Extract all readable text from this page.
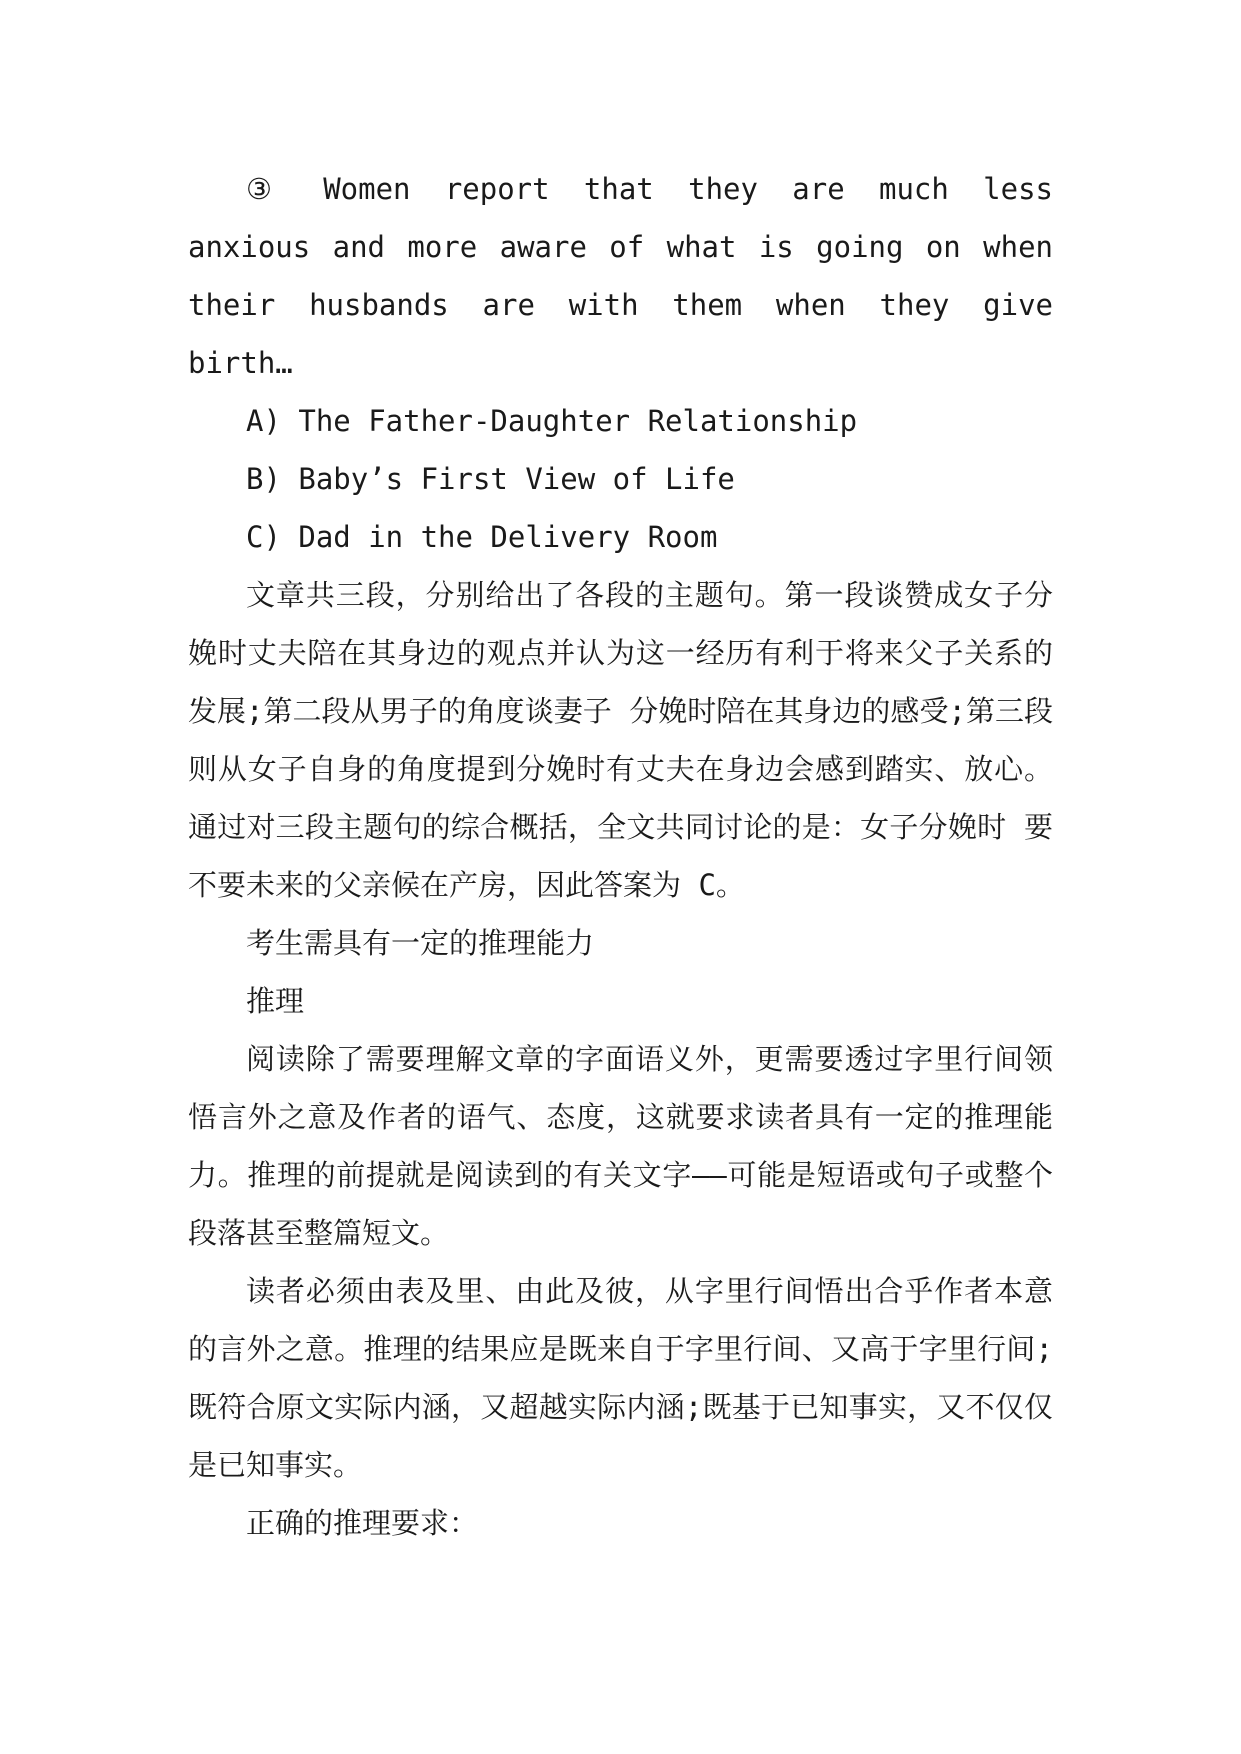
③ Women report that they are much less anxious and more aware of what is going on when their husbands are with them when they give birth…

A) The Father-Daughter Relationship

B) Baby’s First View of Life

C) Dad in the Delivery Room

文章共三段，分别给出了各段的主题句。第一段谈赞成女子分娩时丈夫陪在其身边的观点并认为这一经历有利于将来父子关系的发展;第二段从男子的角度谈妻子 分娩时陪在其身边的感受;第三段则从女子自身的角度提到分娩时有丈夫在身边会感到踏实、放心。通过对三段主题句的综合概括，全文共同讨论的是：女子分娩时 要不要未来的父亲候在产房，因此答案为 C。

考生需具有一定的推理能力

推理

阅读除了需要理解文章的字面语义外，更需要透过字里行间领悟言外之意及作者的语气、态度，这就要求读者具有一定的推理能力。推理的前提就是阅读到的有关文字——可能是短语或句子或整个段落甚至整篇短文。

读者必须由表及里、由此及彼，从字里行间悟出合乎作者本意的言外之意。推理的结果应是既来自于字里行间、又高于字里行间;既符合原文实际内涵，又超越实际内涵;既基于已知事实，又不仅仅是已知事实。

正确的推理要求：
